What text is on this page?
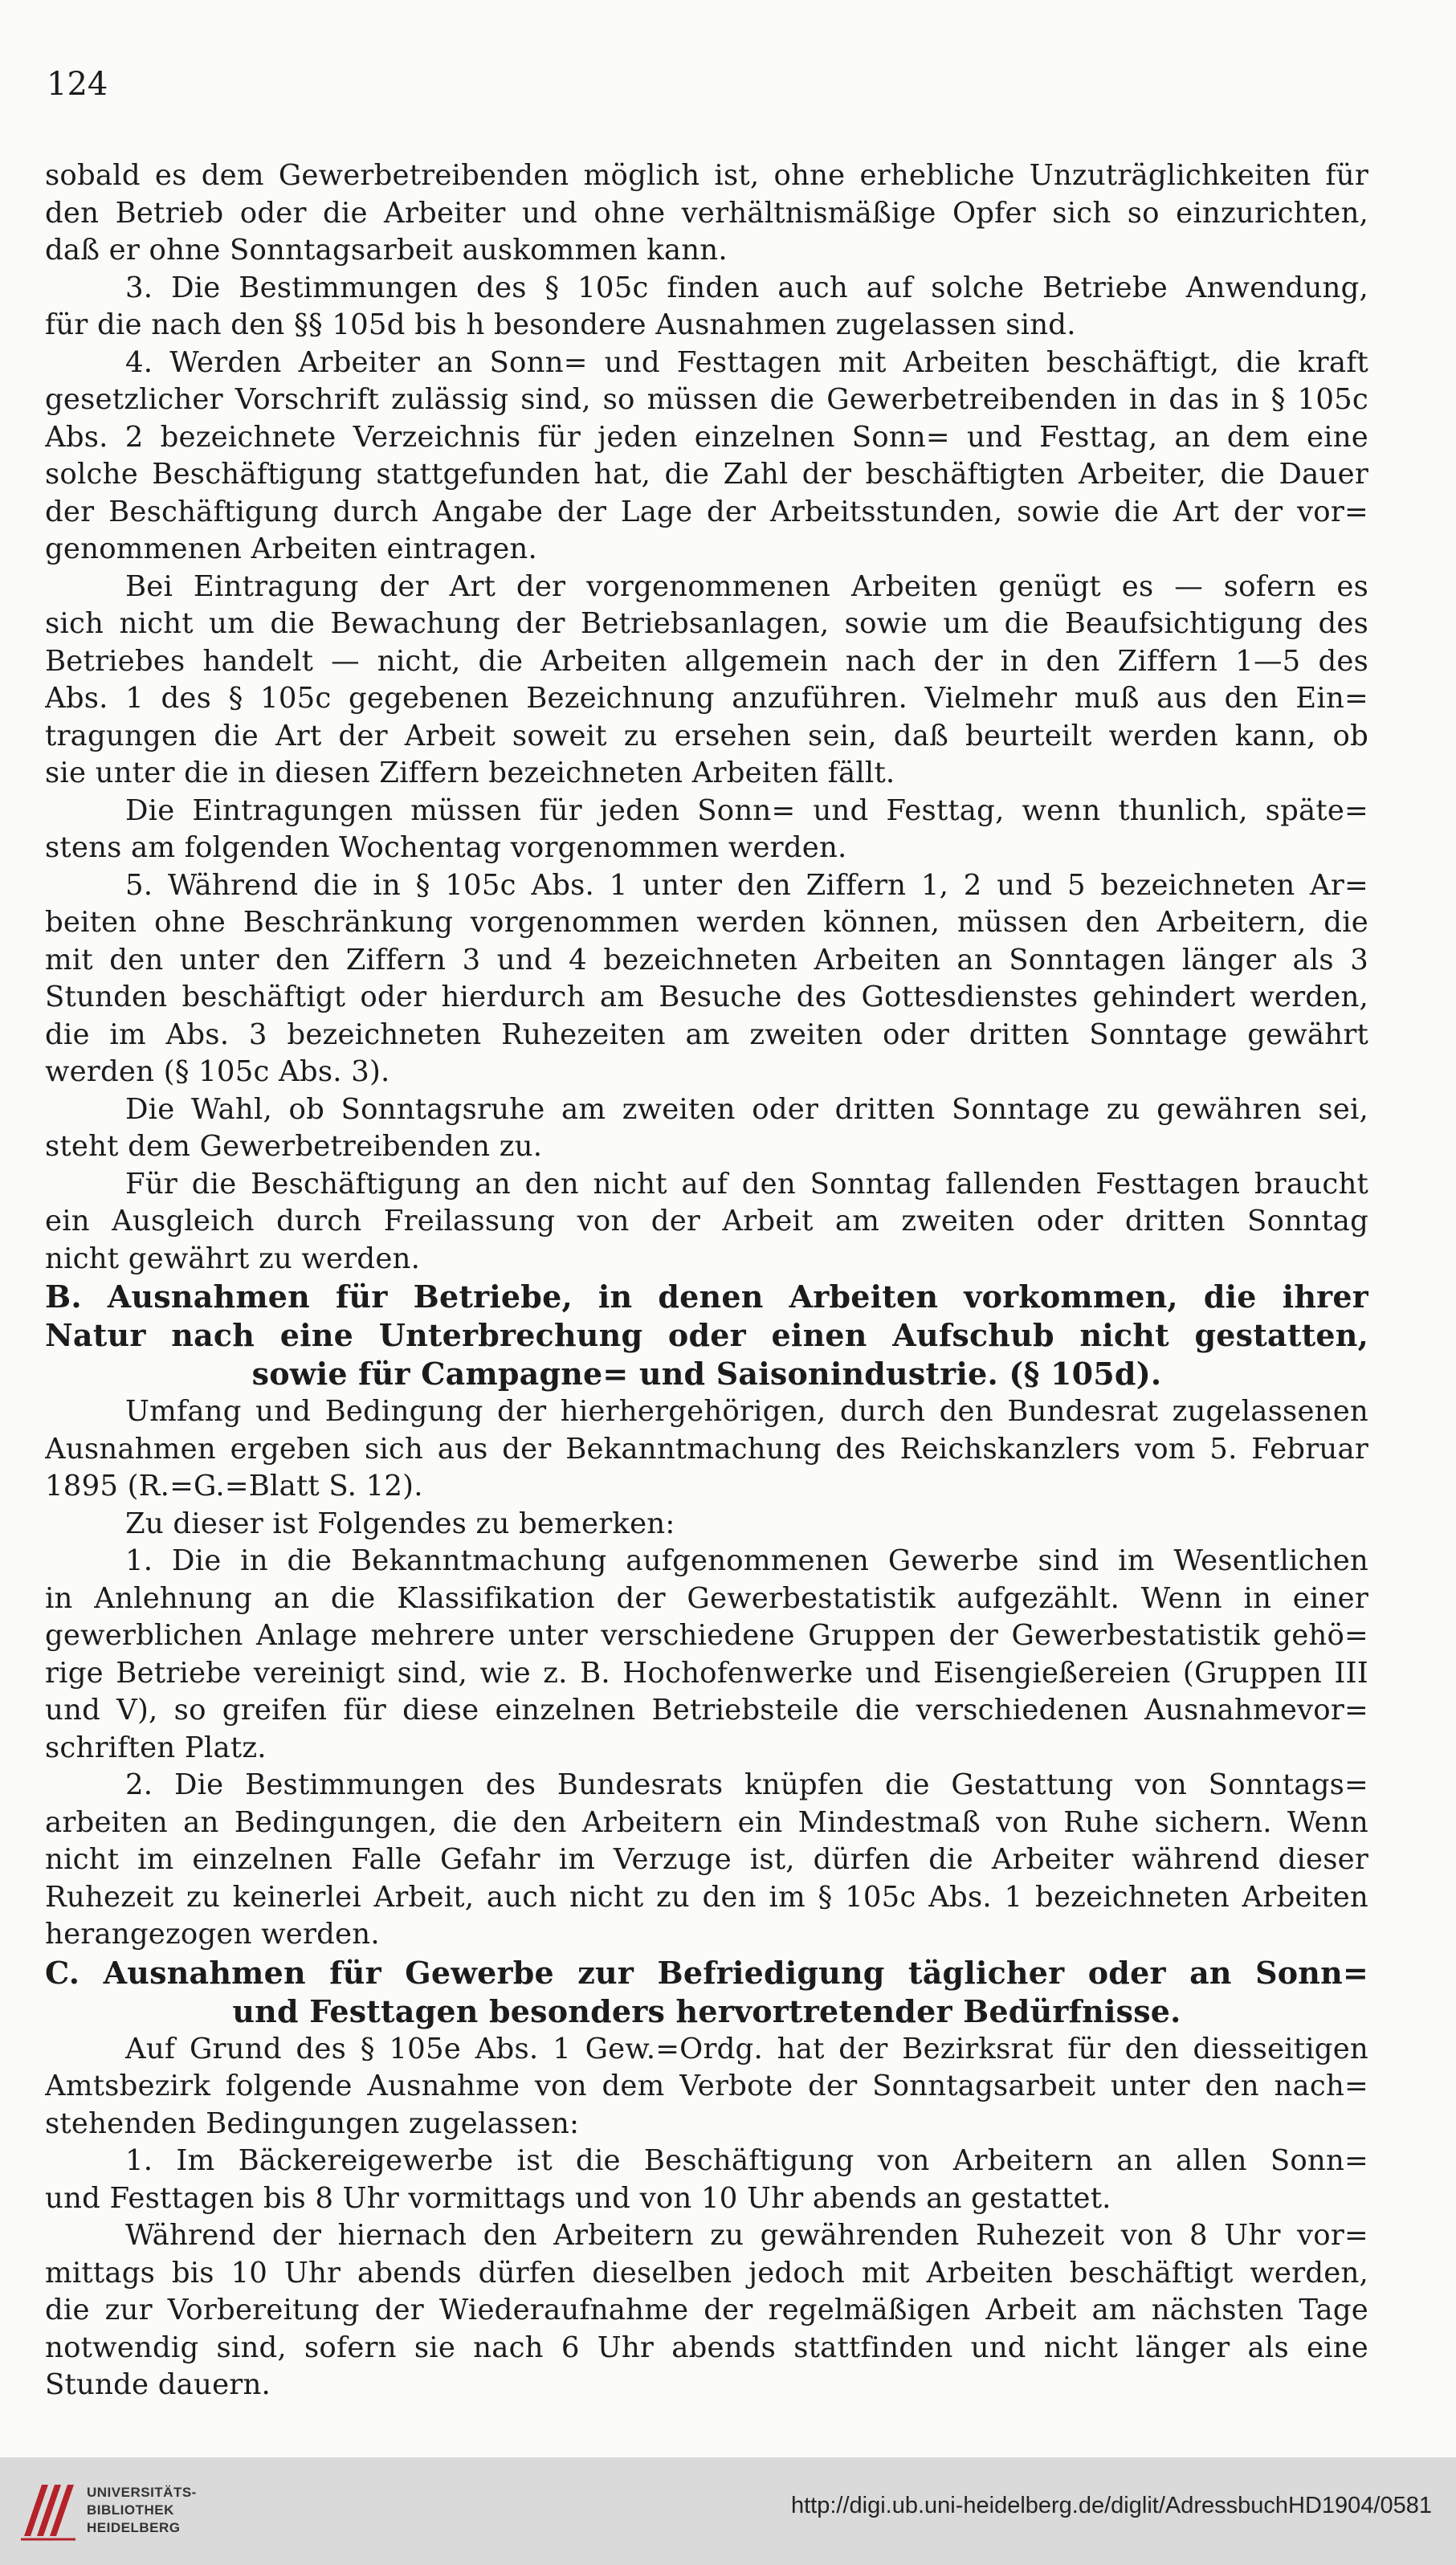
124
sobald es dem Gewerbetreibenden möglich ist, ohne erhebliche Unzuträglichkeiten für
den Betrieb oder die Arbeiter und ohne verhältnismäßige Opfer sich so einzurichten,
daß er ohne Sonntagsarbeit auskommen kann.
3. Die Bestimmungen des § 105c finden auch auf solche Betriebe Anwendung,
für die nach den §§ 105d bis h besondere Ausnahmen zugelassen sind.
4. Werden Arbeiter an Sonn= und Festtagen mit Arbeiten beschäftigt, die kraft
gesetzlicher Vorschrift zulässig sind, so müssen die Gewerbetreibenden in das in § 105c
Abs. 2 bezeichnete Verzeichnis für jeden einzelnen Sonn= und Festtag, an dem eine
solche Beschäftigung stattgefunden hat, die Zahl der beschäftigten Arbeiter, die Dauer
der Beschäftigung durch Angabe der Lage der Arbeitsstunden, sowie die Art der vor=
genommenen Arbeiten eintragen.
Bei Eintragung der Art der vorgenommenen Arbeiten genügt es — sofern es
sich nicht um die Bewachung der Betriebsanlagen, sowie um die Beaufsichtigung des
Betriebes handelt — nicht, die Arbeiten allgemein nach der in den Ziffern 1—5 des
Abs. 1 des § 105c gegebenen Bezeichnung anzuführen. Vielmehr muß aus den Ein=
tragungen die Art der Arbeit soweit zu ersehen sein, daß beurteilt werden kann, ob
sie unter die in diesen Ziffern bezeichneten Arbeiten fällt.
Die Eintragungen müssen für jeden Sonn= und Festtag, wenn thunlich, späte=
stens am folgenden Wochentag vorgenommen werden.
5. Während die in § 105c Abs. 1 unter den Ziffern 1, 2 und 5 bezeichneten Ar=
beiten ohne Beschränkung vorgenommen werden können, müssen den Arbeitern, die
mit den unter den Ziffern 3 und 4 bezeichneten Arbeiten an Sonntagen länger als 3
Stunden beschäftigt oder hierdurch am Besuche des Gottesdienstes gehindert werden,
die im Abs. 3 bezeichneten Ruhezeiten am zweiten oder dritten Sonntage gewährt
werden (§ 105c Abs. 3).
Die Wahl, ob Sonntagsruhe am zweiten oder dritten Sonntage zu gewähren sei,
steht dem Gewerbetreibenden zu.
Für die Beschäftigung an den nicht auf den Sonntag fallenden Festtagen braucht
ein Ausgleich durch Freilassung von der Arbeit am zweiten oder dritten Sonntag
nicht gewährt zu werden.
B. Ausnahmen für Betriebe, in denen Arbeiten vorkommen, die ihrer
Natur nach eine Unterbrechung oder einen Aufschub nicht gestatten,
sowie für Campagne= und Saisonindustrie. (§ 105d).
Umfang und Bedingung der hierhergehörigen, durch den Bundesrat zugelassenen
Ausnahmen ergeben sich aus der Bekanntmachung des Reichskanzlers vom 5. Februar
1895 (R.=G.=Blatt S. 12).
Zu dieser ist Folgendes zu bemerken:
1. Die in die Bekanntmachung aufgenommenen Gewerbe sind im Wesentlichen
in Anlehnung an die Klassifikation der Gewerbestatistik aufgezählt. Wenn in einer
gewerblichen Anlage mehrere unter verschiedene Gruppen der Gewerbestatistik gehö=
rige Betriebe vereinigt sind, wie z. B. Hochofenwerke und Eisengießereien (Gruppen III
und V), so greifen für diese einzelnen Betriebsteile die verschiedenen Ausnahmevor=
schriften Platz.
2. Die Bestimmungen des Bundesrats knüpfen die Gestattung von Sonntags=
arbeiten an Bedingungen, die den Arbeitern ein Mindestmaß von Ruhe sichern. Wenn
nicht im einzelnen Falle Gefahr im Verzuge ist, dürfen die Arbeiter während dieser
Ruhezeit zu keinerlei Arbeit, auch nicht zu den im § 105c Abs. 1 bezeichneten Arbeiten
herangezogen werden.
C. Ausnahmen für Gewerbe zur Befriedigung täglicher oder an Sonn=
und Festtagen besonders hervortretender Bedürfnisse.
Auf Grund des § 105e Abs. 1 Gew.=Ordg. hat der Bezirksrat für den diesseitigen
Amtsbezirk folgende Ausnahme von dem Verbote der Sonntagsarbeit unter den nach=
stehenden Bedingungen zugelassen:
1. Im Bäckereigewerbe ist die Beschäftigung von Arbeitern an allen Sonn=
und Festtagen bis 8 Uhr vormittags und von 10 Uhr abends an gestattet.
Während der hiernach den Arbeitern zu gewährenden Ruhezeit von 8 Uhr vor=
mittags bis 10 Uhr abends dürfen dieselben jedoch mit Arbeiten beschäftigt werden,
die zur Vorbereitung der Wiederaufnahme der regelmäßigen Arbeit am nächsten Tage
notwendig sind, sofern sie nach 6 Uhr abends stattfinden und nicht länger als eine
Stunde dauern.
UNIVERSITÄTS-
BIBLIOTHEK
HEIDELBERG
http://digi.ub.uni-heidelberg.de/diglit/AdressbuchHD1904/0581
